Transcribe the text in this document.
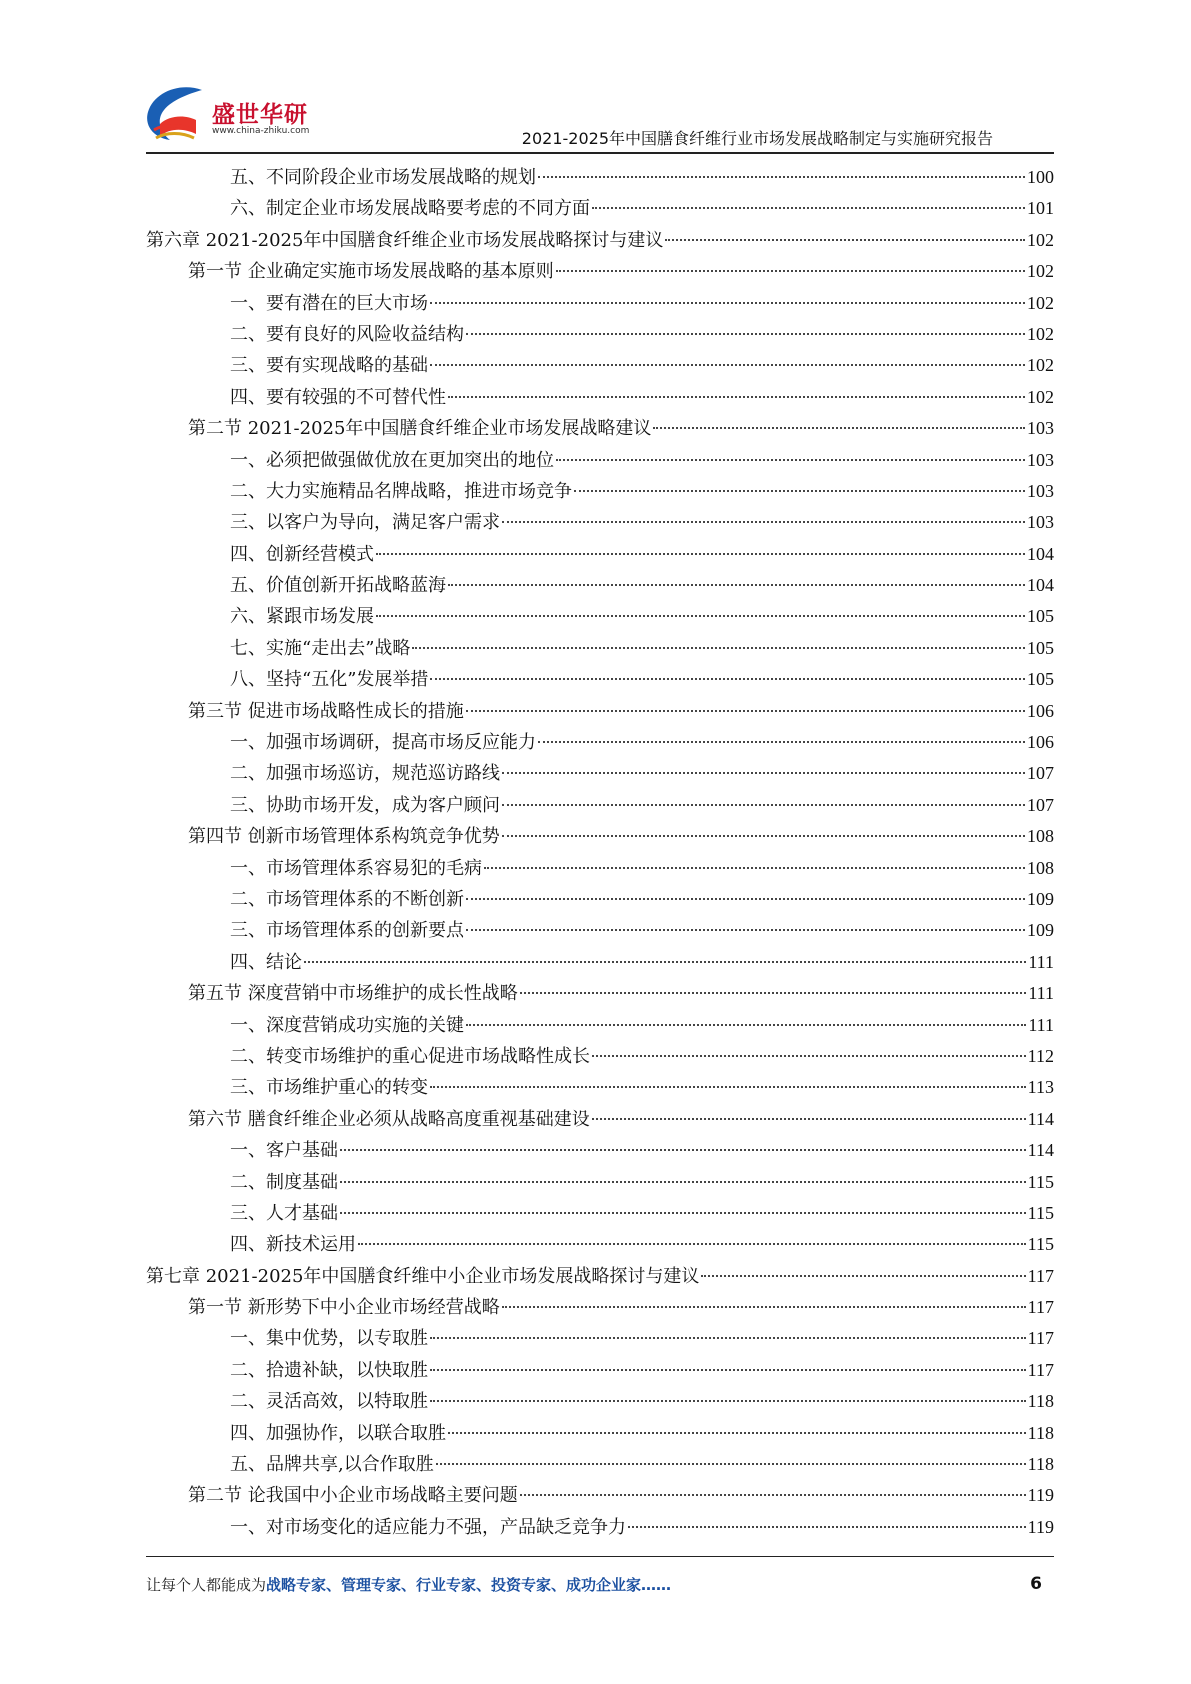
盛世华研
www.china-zhiku.com	2021-2025年中国膳食纤维行业市场发展战略制定与实施研究报告
五、不同阶段企业市场发展战略的规划	100
六、制定企业市场发展战略要考虑的不同方面	101
第六章 2021-2025年中国膳食纤维企业市场发展战略探讨与建议	102
第一节 企业确定实施市场发展战略的基本原则	102
一、要有潜在的巨大市场	102
二、要有良好的风险收益结构	102
三、要有实现战略的基础	102
四、要有较强的不可替代性	102
第二节 2021-2025年中国膳食纤维企业市场发展战略建议	103
一、必须把做强做优放在更加突出的地位	103
二、大力实施精品名牌战略，推进市场竞争	103
三、以客户为导向，满足客户需求	103
四、创新经营模式	104
五、价值创新开拓战略蓝海	104
六、紧跟市场发展	105
七、实施“走出去”战略	105
八、坚持“五化”发展举措	105
第三节 促进市场战略性成长的措施	106
一、加强市场调研，提高市场反应能力	106
二、加强市场巡访，规范巡访路线	107
三、协助市场开发，成为客户顾问	107
第四节 创新市场管理体系构筑竞争优势	108
一、市场管理体系容易犯的毛病	108
二、市场管理体系的不断创新	109
三、市场管理体系的创新要点	109
四、结论	111
第五节 深度营销中市场维护的成长性战略	111
一、深度营销成功实施的关键	111
二、转变市场维护的重心促进市场战略性成长	112
三、市场维护重心的转变	113
第六节 膳食纤维企业必须从战略高度重视基础建设	114
一、客户基础	114
二、制度基础	115
三、人才基础	115
四、新技术运用	115
第七章 2021-2025年中国膳食纤维中小企业市场发展战略探讨与建议	117
第一节 新形势下中小企业市场经营战略	117
一、集中优势，以专取胜	117
二、拾遗补缺，以快取胜	117
二、灵活高效，以特取胜	118
四、加强协作，以联合取胜	118
五、品牌共享,以合作取胜	118
第二节 论我国中小企业市场战略主要问题	119
一、对市场变化的适应能力不强，产品缺乏竞争力	119
让每个人都能成为战略专家、管理专家、行业专家、投资专家、成功企业家……	6
